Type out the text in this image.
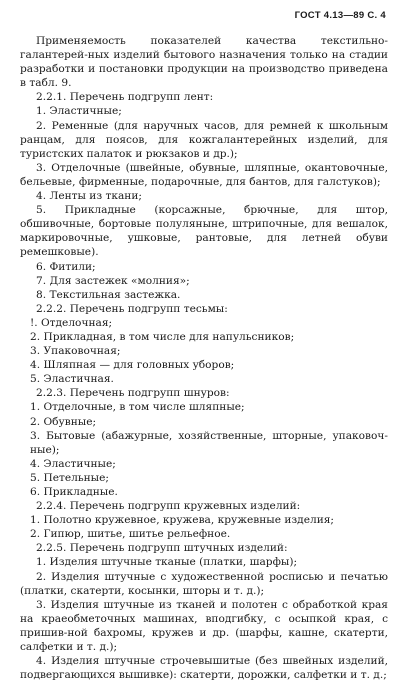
ГОСТ 4.13—89 С. 4

Применяемость показателей качества текстильно-галантерей-ных изделий бытового назначения только на стадии разработки и постановки продукции на производство приведена в табл. 9.

2.2.1. Перечень подгрупп лент:

1. Эластичные;

2. Ременные (для наручных часов, для ремней к школьным ранцам, для поясов, для кожгалантерейных изделий, для туристских палаток и рюкзаков и др.);

3. Отделочные (швейные, обувные, шляпные, окантовочные, бельевые, фирменные, подарочные, для бантов, для галстуков);

4. Ленты из ткани;

5. Прикладные (корсажные, брючные, для штор, обшивочные, бортовые полуляныне, штрипочные, для вешалок, маркировочные, ушковые, рантовые, для летней обуви ремешковые).

6. Фитили;

7. Для застежек «молния»;

8. Текстильная застежка.

2.2.2. Перечень подгрупп тесьмы:

!. Отделочная;

2. Прикладная, в том числе для напульсников;

3. Упаковочная;

4. Шляпная — для головных уборов;

5. Эластичная.

2.2.3. Перечень подгрупп шнуров:

1. Отделочные, в том числе шляпные;

2. Обувные;

3. Бытовые (абажурные, хозяйственные, шторные, упаковоч-ные);

4. Эластичные;

5. Петельные;

6. Прикладные.

2.2.4. Перечень подгрупп кружевных изделий:

1. Полотно кружевное, кружева, кружевные изделия;

2. Гипюр, шитье, шитье рельефное.

2.2.5. Перечень подгрупп штучных изделий:

1. Изделия штучные тканые (платки, шарфы);

2. Изделия штучные с художественной росписью и печатью (платки, скатерти, косынки, шторы и т. д.);

3. Изделия штучные из тканей и полотен с обработкой края на краеобметочных машинах, вподгибку, с осыпкой края, с пришив-ной бахромы, кружев и др. (шарфы, кашне, скатерти, салфетки и т. д.);

4. Изделия штучные строчевышитые (без швейных изделий, подвергающихся вышивке): скатерти, дорожки, салфетки и т. д.;
